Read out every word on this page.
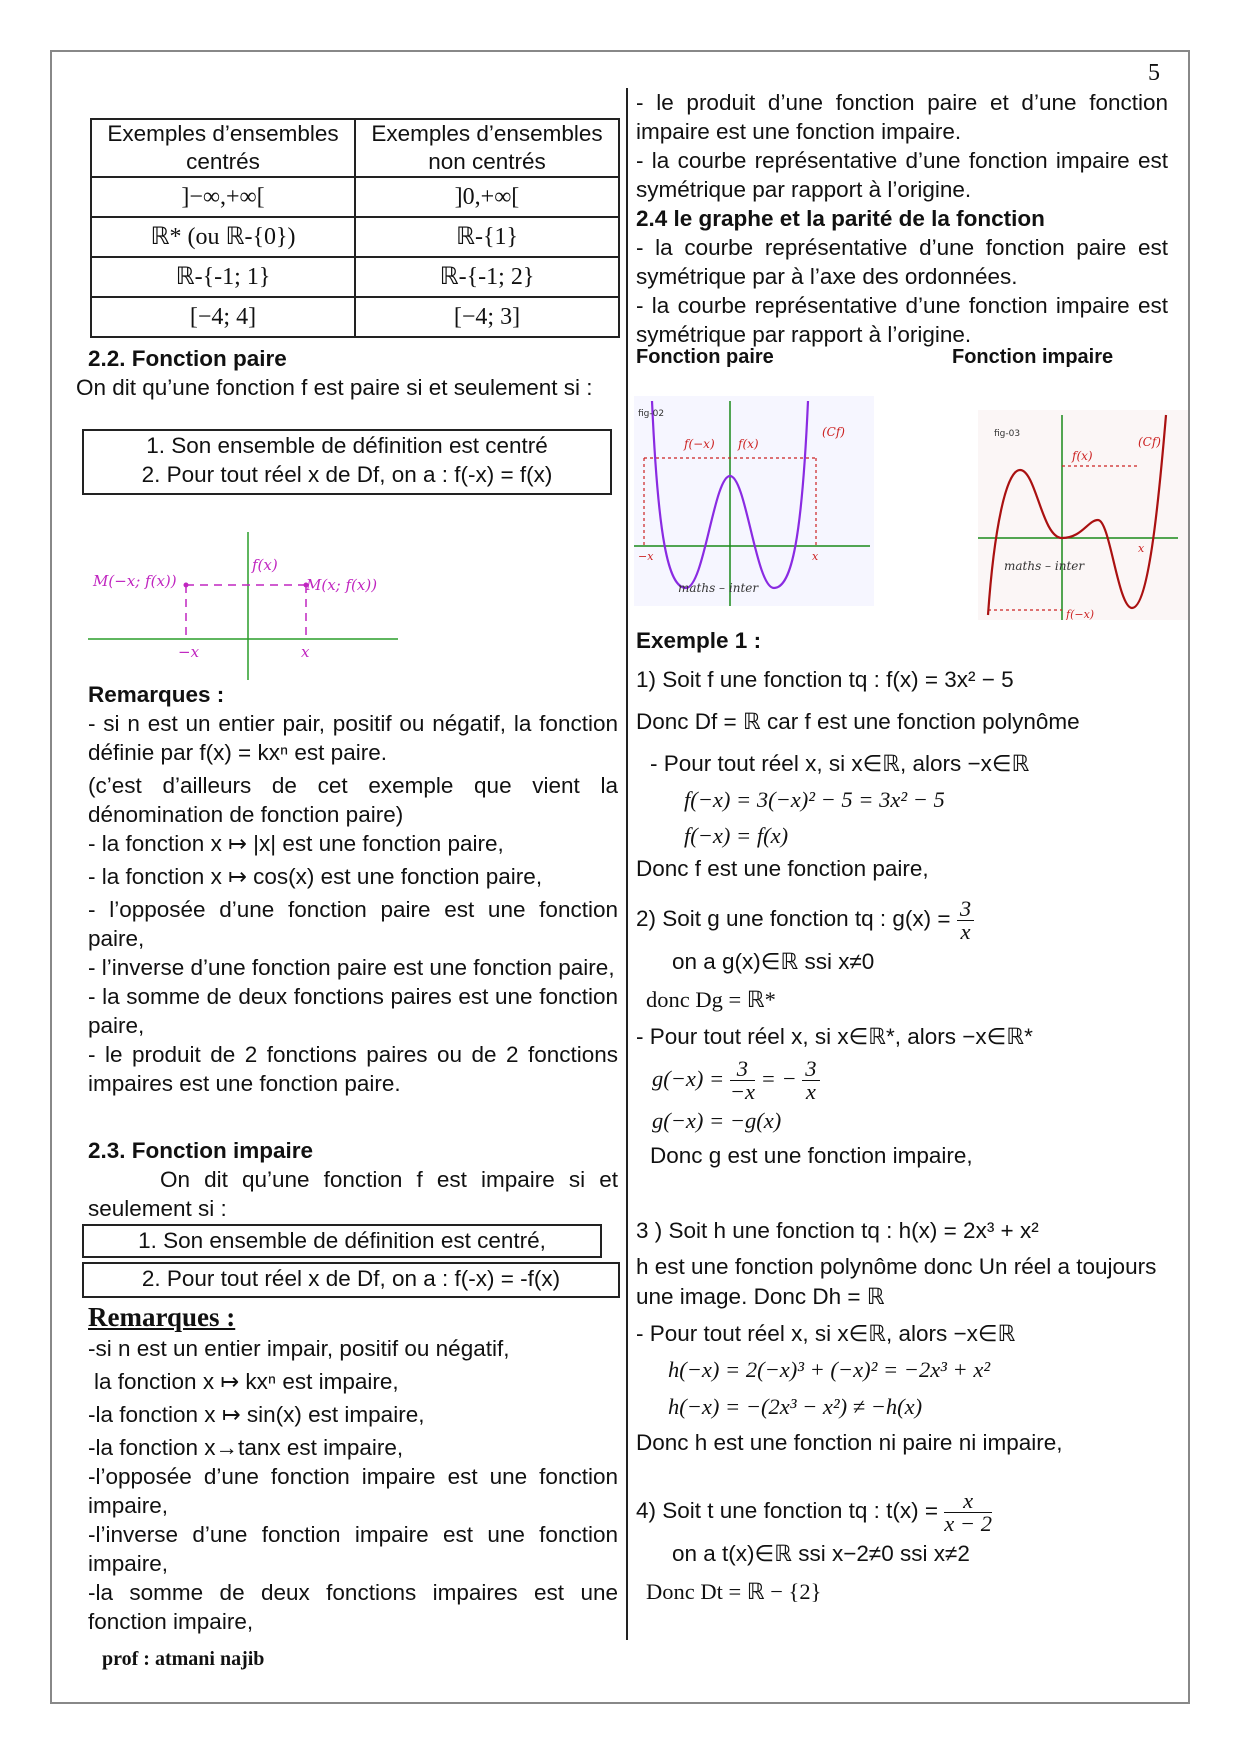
5
Exemples d’ensembles centrés	Exemples d’ensembles non centrés
]−∞,+∞[	]0,+∞[
ℝ* (ou ℝ-{0})	ℝ-{1}
ℝ-{-1; 1}	ℝ-{-1; 2}
[−4; 4]	[−4; 3]
2.2. Fonction paire
On dit qu’une fonction f est paire si et seulement si :
1. Son ensemble de définition est centré
2. Pour tout réel x de Df, on a : f(-x) = f(x)
M(−x; f(x))
f(x)
M(x; f(x))
−x	x
Remarques :
- si n est un entier pair, positif ou négatif, la fonction définie par f(x) = kxⁿ est paire.
(c’est d’ailleurs de cet exemple que vient la dénomination de fonction paire)
- la fonction x ↦ |x| est une fonction paire,
- la fonction x ↦ cos(x) est une fonction paire,
- l’opposée d’une fonction paire est une fonction paire,
- l’inverse d’une fonction paire est une fonction paire,
- la somme de deux fonctions paires est une fonction paire,
- le produit de 2 fonctions paires ou de 2 fonctions impaires est une fonction paire.
2.3. Fonction impaire
On dit qu’une fonction f est impaire si et seulement si :
1. Son ensemble de définition est centré,
2. Pour tout réel x de Df, on a : f(-x) = -f(x)
Remarques :
-si n est un entier impair, positif ou négatif,
la fonction x ↦ kxⁿ est impaire,
-la fonction x ↦ sin(x) est impaire,
-la fonction x→tanx est impaire,
-l’opposée d’une fonction impaire est une fonction impaire,
-l’inverse d’une fonction impaire est une fonction impaire,
-la somme de deux fonctions impaires est une fonction impaire,
- le produit d’une fonction paire et d’une fonction impaire est une fonction impaire.
- la courbe représentative d’une fonction impaire est symétrique par rapport à l’origine.
2.4 le graphe et la parité de la fonction
- la courbe représentative d’une fonction paire est symétrique par à l’axe des ordonnées.
- la courbe représentative d’une fonction impaire est symétrique par rapport à l’origine.
Fonction paire	Fonction impaire
fig-02
f(−x) f(x)
(Cf)
maths – inter
−x	x
fig-03
f(x)
(Cf)
maths – inter
f(−x)
x
Exemple 1 :

1) Soit f une fonction tq : f(x) = 3x² − 5

Donc Df = ℝ car f est une fonction polynôme

- Pour tout réel x, si x∈ℝ, alors −x∈ℝ

f(−x) = 3(−x)² − 5 = 3x² − 5

f(−x) = f(x)

Donc f est une fonction paire,

2) Soit g une fonction tq : $g(x) = \frac{3}{x}$

on a g(x)∈ℝ ssi x≠0

donc Dg = ℝ*

- Pour tout réel x, si x∈ℝ*, alors −x∈ℝ*

$g(-x) = \frac{3}{-x}$ = − $\frac{3}{x}$

g(−x) = −g(x)

Donc g est une fonction impaire,

3 ) Soit h une fonction tq : h(x) = 2x³ + x²

h est une fonction polynôme donc Un réel a toujours une image. Donc Dh = ℝ

- Pour tout réel x, si x∈ℝ, alors −x∈ℝ

h(−x) = 2(−x)³ + (−x)² = −2x³ + x²

h(−x) = −(2x³ − x²) ≠ −h(x)

Donc h est une fonction ni paire ni impaire,

4) Soit t une fonction tq : $t(x) = \frac{x}{x - 2}$

on a t(x)∈ℝ ssi x−2≠0 ssi x≠2

Donc Dt = ℝ − {2}

prof : atmani najib
